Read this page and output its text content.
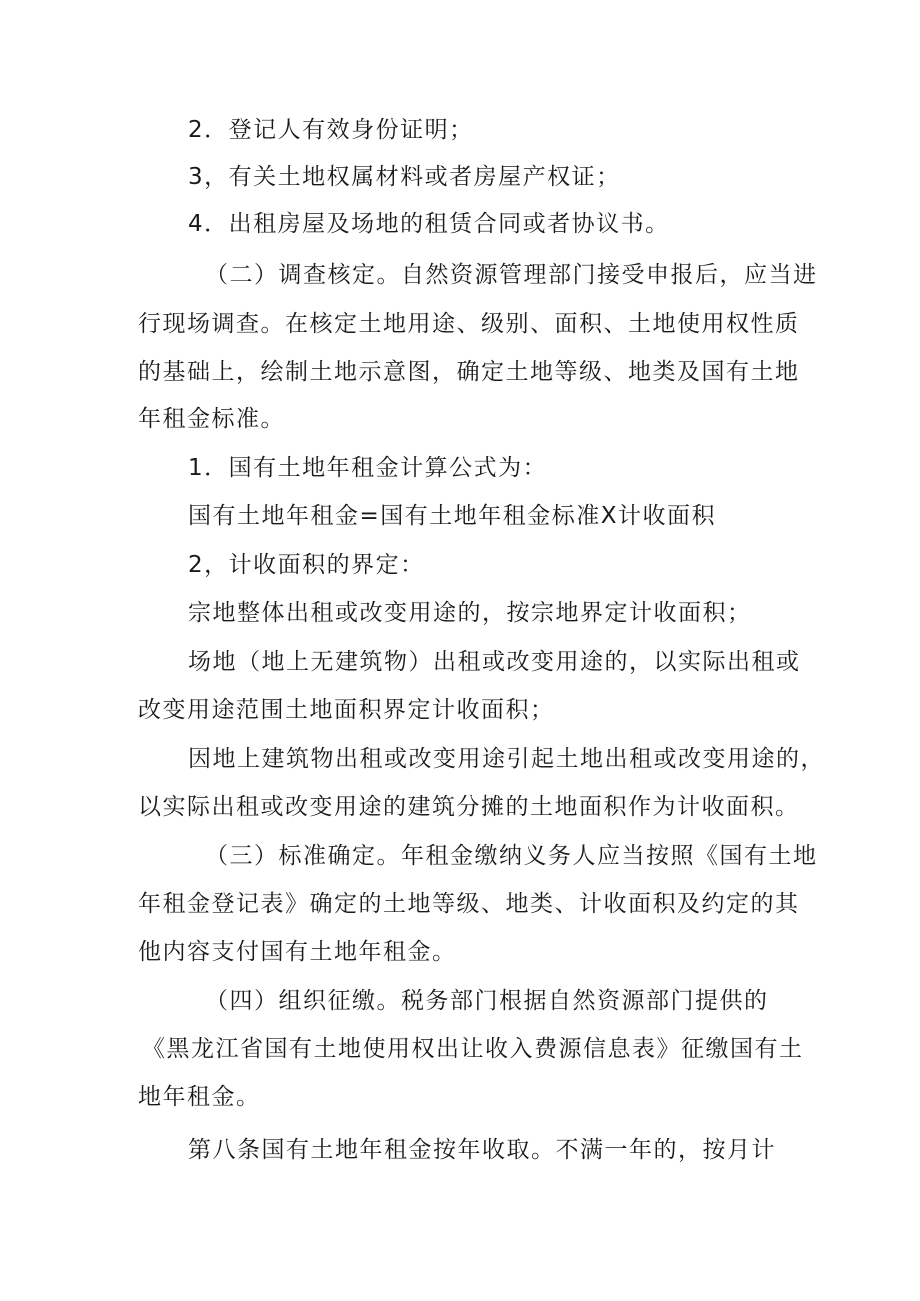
2．登记人有效身份证明；
3，有关土地权属材料或者房屋产权证；
4．出租房屋及场地的租赁合同或者协议书。
（二）调查核定。自然资源管理部门接受申报后，应当进
行现场调查。在核定土地用途、级别、面积、土地使用权性质
的基础上，绘制土地示意图，确定土地等级、地类及国有土地
年租金标准。
1．国有土地年租金计算公式为：
国有土地年租金=国有土地年租金标准X计收面积
2，计收面积的界定：
宗地整体出租或改变用途的，按宗地界定计收面积；
场地（地上无建筑物）出租或改变用途的，以实际出租或
改变用途范围土地面积界定计收面积；
因地上建筑物出租或改变用途引起土地出租或改变用途的，
以实际出租或改变用途的建筑分摊的土地面积作为计收面积。
（三）标准确定。年租金缴纳义务人应当按照《国有土地
年租金登记表》确定的土地等级、地类、计收面积及约定的其
他内容支付国有土地年租金。
（四）组织征缴。税务部门根据自然资源部门提供的
《黑龙江省国有土地使用权出让收入费源信息表》征缴国有土
地年租金。
第八条国有土地年租金按年收取。不满一年的，按月计
